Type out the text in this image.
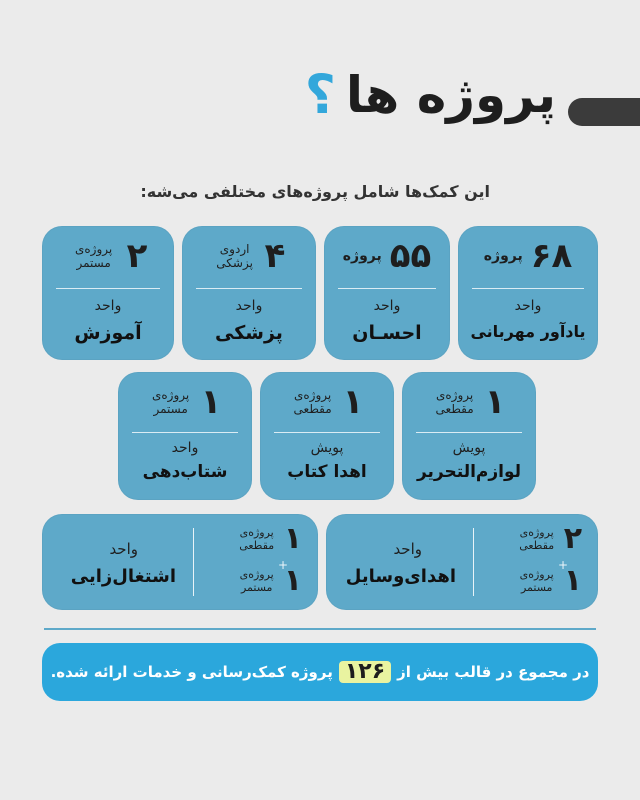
پروژه ها
؟
این کمک‌ها شامل پروژه‌های مختلفی می‌شه:
۶۸
پروژه
واحد
یادآور مهربانی
۵۵
پروژه
واحد
احسـان
۴
اردوی پزشکی
واحد
پزشکی
۲
پروژه‌ی مستمر
واحد
آموزش
۱
پروژه‌ی مقطعی
پویش
لوازم‌التحریر
۱
پروژه‌ی مقطعی
پویش
اهدا کتاب
۱
پروژه‌ی مستمر
واحد
شتاب‌دهی
۲
پروژه‌ی مقطعی
+
۱
پروژه‌ی مستمر
واحد
اهدای‌وسایل
۱
پروژه‌ی مقطعی
+
۱
پروژه‌ی مستمر
واحد
اشتغال‌زایی
در مجموع در قالب بیش از
۱۲۶
پروژه کمک‌رسانی و خدمات ارائه شده.
